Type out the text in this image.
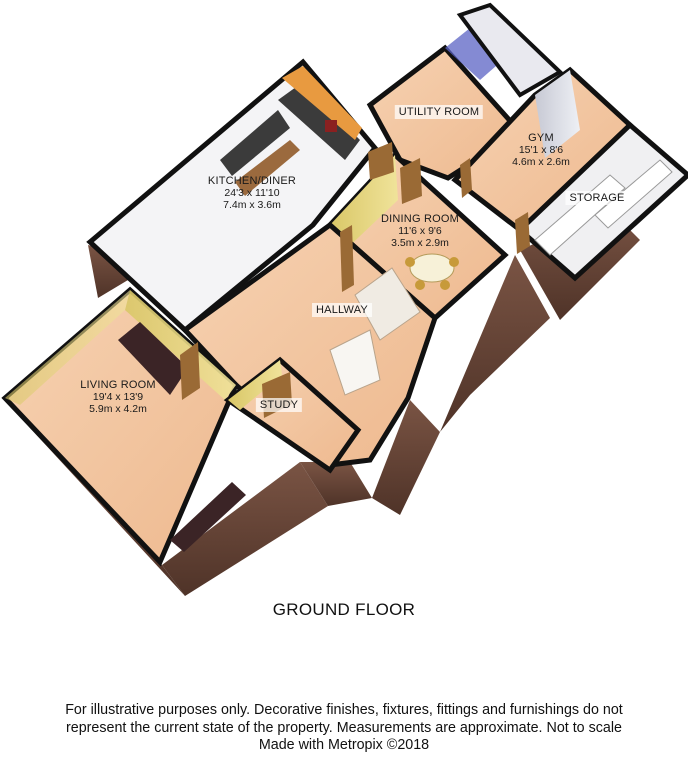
KITCHEN/DINER
24'3 x 11'10
7.4m x 3.6m
UTILITY ROOM
GYM
15'1 x 8'6
4.6m x 2.6m
STORAGE
DINING ROOM
11'6 x 9'6
3.5m x 2.9m
HALLWAY
LIVING ROOM
19'4 x 13'9
5.9m x 4.2m	STUDY
GROUND FLOOR
For illustrative purposes only. Decorative finishes, fixtures, fittings and furnishings do not
represent the current state of the property. Measurements are approximate. Not to scale
Made with Metropix ©2018
